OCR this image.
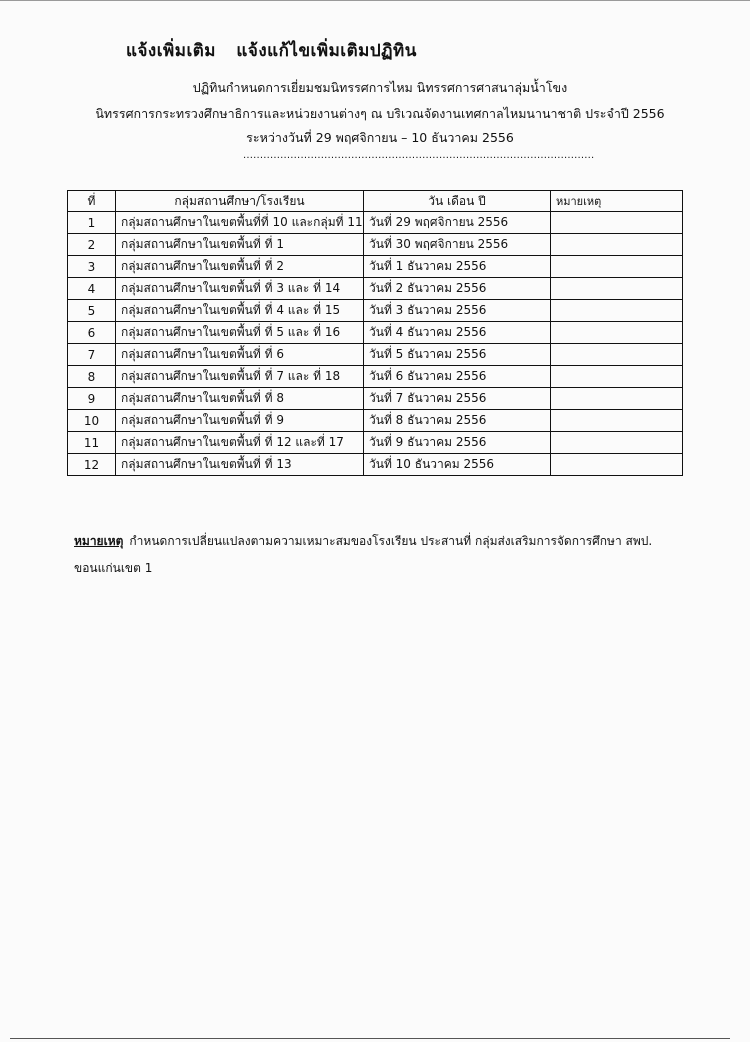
แจ้งเพิ่มเติม แจ้งแก้ไขเพิ่มเติมปฏิทิน
ปฏิทินกำหนดการเยี่ยมชมนิทรรศการไหม นิทรรศการศาสนาลุ่มน้ำโขง
นิทรรศการกระทรวงศึกษาธิการและหน่วยงานต่างๆ ณ บริเวณจัดงานเทศกาลไหมนานาชาติ ประจำปี 2556
ระหว่างวันที่ 29 พฤศจิกายน – 10 ธันวาคม 2556
........................................................................................................
ที่	กลุ่มสถานศึกษา/โรงเรียน	วัน เดือน ปี	หมายเหตุ
1	กลุ่มสถานศึกษาในเขตพื้นที่ที่ 10 และกลุ่มที่ 11	วันที่ 29 พฤศจิกายน 2556	
2	กลุ่มสถานศึกษาในเขตพื้นที่ ที่ 1	วันที่ 30 พฤศจิกายน 2556	
3	กลุ่มสถานศึกษาในเขตพื้นที่ ที่ 2	วันที่ 1 ธันวาคม 2556	
4	กลุ่มสถานศึกษาในเขตพื้นที่ ที่ 3 และ ที่ 14	วันที่ 2 ธันวาคม 2556	
5	กลุ่มสถานศึกษาในเขตพื้นที่ ที่ 4 และ ที่ 15	วันที่ 3 ธันวาคม 2556	
6	กลุ่มสถานศึกษาในเขตพื้นที่ ที่ 5 และ ที่ 16	วันที่ 4 ธันวาคม 2556	
7	กลุ่มสถานศึกษาในเขตพื้นที่ ที่ 6	วันที่ 5 ธันวาคม 2556	
8	กลุ่มสถานศึกษาในเขตพื้นที่ ที่ 7 และ ที่ 18	วันที่ 6 ธันวาคม 2556	
9	กลุ่มสถานศึกษาในเขตพื้นที่ ที่ 8	วันที่ 7 ธันวาคม 2556	
10	กลุ่มสถานศึกษาในเขตพื้นที่ ที่ 9	วันที่ 8 ธันวาคม 2556	
11	กลุ่มสถานศึกษาในเขตพื้นที่ ที่ 12 และที่ 17	วันที่ 9 ธันวาคม 2556	
12	กลุ่มสถานศึกษาในเขตพื้นที่ ที่ 13	วันที่ 10 ธันวาคม 2556	
หมายเหตุ กำหนดการเปลี่ยนแปลงตามความเหมาะสมของโรงเรียน ประสานที่ กลุ่มส่งเสริมการจัดการศึกษา สพป.
ขอนแก่นเขต 1
